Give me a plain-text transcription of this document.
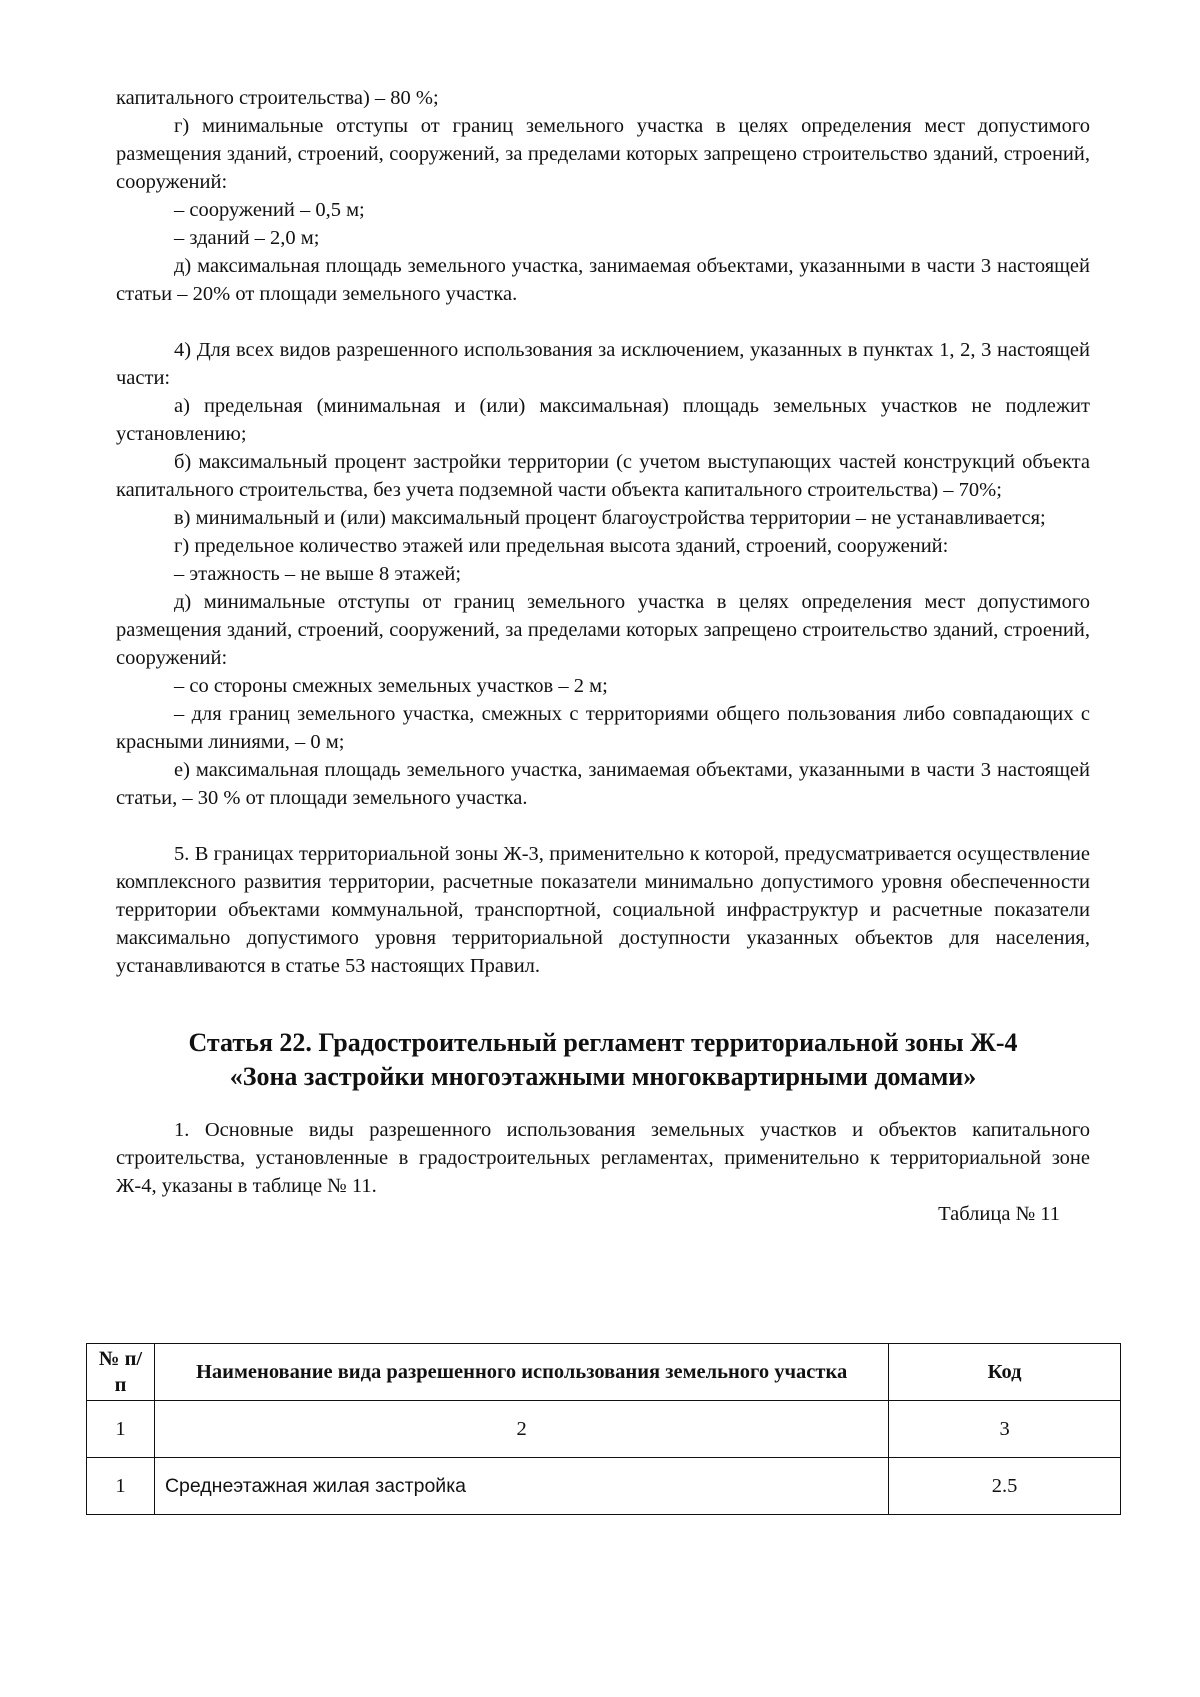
капитального строительства) – 80 %;

г) минимальные отступы от границ земельного участка в целях определения мест допустимого размещения зданий, строений, сооружений, за пределами которых запрещено строительство зданий, строений, сооружений:

– сооружений – 0,5 м;

– зданий – 2,0 м;

д) максимальная площадь земельного участка, занимаемая объектами, указанными в части 3 настоящей статьи – 20% от площади земельного участка.

4) Для всех видов разрешенного использования за исключением, указанных в пунктах 1, 2, 3 настоящей части:

а) предельная (минимальная и (или) максимальная) площадь земельных участков не подлежит установлению;

б) максимальный процент застройки территории (с учетом выступающих частей конструкций объекта капитального строительства, без учета подземной части объекта капитального строительства) – 70%;

в) минимальный и (или) максимальный процент благоустройства территории – не устанавливается;

г) предельное количество этажей или предельная высота зданий, строений, сооружений:

– этажность – не выше 8 этажей;

д) минимальные отступы от границ земельного участка в целях определения мест допустимого размещения зданий, строений, сооружений, за пределами которых запрещено строительство зданий, строений, сооружений:

– со стороны смежных земельных участков – 2 м;

– для границ земельного участка, смежных с территориями общего пользования либо совпадающих с красными линиями, – 0 м;

е) максимальная площадь земельного участка, занимаемая объектами, указанными в части 3 настоящей статьи, – 30 % от площади земельного участка.

5. В границах территориальной зоны Ж-3, применительно к которой, предусматривается осуществление комплексного развития территории, расчетные показатели минимально допустимого уровня обеспеченности территории объектами коммунальной, транспортной, социальной инфраструктур и расчетные показатели максимально допустимого уровня территориальной доступности указанных объектов для населения, устанавливаются в статье 53 настоящих Правил.

Статья 22. Градостроительный регламент территориальной зоны Ж-4

«Зона застройки многоэтажными многоквартирными домами»

1. Основные виды разрешенного использования земельных участков и объектов капитального строительства, установленные в градостроительных регламентах, применительно к территориальной зоне Ж-4, указаны в таблице № 11.

Таблица № 11

№ п/п	Наименование вида разрешенного использования земельного участка	Код
1	2	3
1	Среднеэтажная жилая застройка	2.5
